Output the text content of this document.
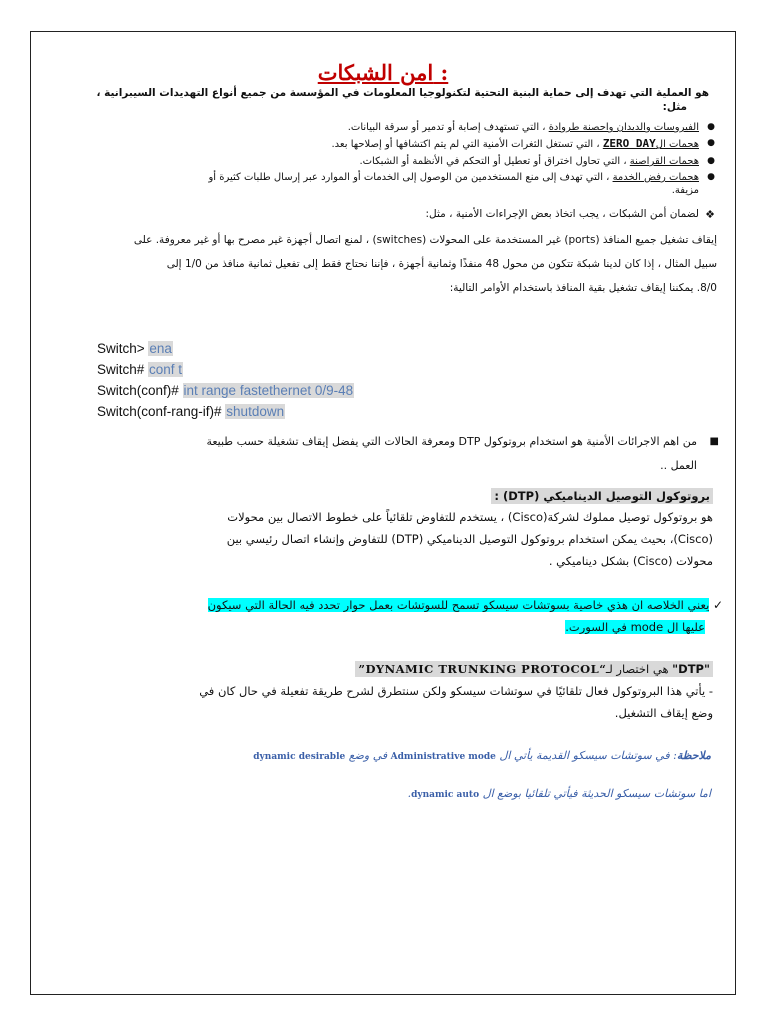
امن الشبكات :
هو العملية التي تهدف إلى حماية البنية التحتية لتكنولوجيا المعلومات في المؤسسة من جميع أنواع التهديدات السيبرانية ،
مثل:
●
الفيروسات والديدان واحصنة طروادة ، التي تستهدف إصابة أو تدمير أو سرقة البيانات.
●
هجمات الZERO DAY ، التي تستغل الثغرات الأمنية التي لم يتم اكتشافها أو إصلاحها بعد.
●
هجمات القراصنة ، التي تحاول اختراق أو تعطيل أو التحكم في الأنظمة أو الشبكات.
●
هجمات رفض الخدمة ، التي تهدف إلى منع المستخدمين من الوصول إلى الخدمات أو الموارد عبر إرسال طلبات كثيرة أو
مزيفة.
❖
لضمان أمن الشبكات ، يجب اتخاذ بعض الإجراءات الأمنية ، مثل:
إيقاف تشغيل جميع المنافذ (ports) غير المستخدمة على المحولات (switches) ، لمنع اتصال أجهزة غير مصرح بها أو غير معروفة. على
سبيل المثال ، إذا كان لدينا شبكة تتكون من محول 48 منفذًا وثمانية أجهزة ، فإننا نحتاج فقط إلى تفعيل ثمانية منافذ من 1/0 إلى
8/0. يمكننا إيقاف تشغيل بقية المنافذ باستخدام الأوامر التالية:
Switch> ena
Switch# conf t
Switch(conf)# int range fastethernet 0/9-48
Switch(conf-rang-if)# shutdown
■
من اهم الاجرائات الأمنية هو استخدام بروتوكول DTP ومعرفة الحالات التي يفضل إيقاف تشغيلة حسب طبيعة
العمل ..
بروتوكول التوصيل الديناميكي (DTP) :
هو بروتوكول توصيل مملوك لشركة(Cisco) ، يستخدم للتفاوض تلقائياً على خطوط الاتصال بين محولات
(Cisco)، بحيث يمكن استخدام بروتوكول التوصيل الديناميكي (DTP) للتفاوض وإنشاء اتصال رئيسي بين
محولات (Cisco) بشكل ديناميكي .
✓ يعني الخلاصه ان هذي خاصية بسوتشات سيسكو تسمح للسوتشات بعمل حوار تحدد فيه الحالة التي سيكون
عليها ال mode في السورت.
"DTP" هي اختصار لـ“DYNAMIC TRUNKING PROTOCOL”
- يأتي هذا البروتوكول فعال تلقائيًا في سوتشات سيسكو ولكن سنتطرق لشرح طريقة تفعيلة في حال كان في
وضع إيقاف التشغيل.
ملاحظة: في سوتشات سيسكو القديمة يأتي ال Administrative mode في وضع dynamic desirable
اما سوتشات سيسكو الحديثة فيأتي تلقائيا بوضع ال dynamic auto.
